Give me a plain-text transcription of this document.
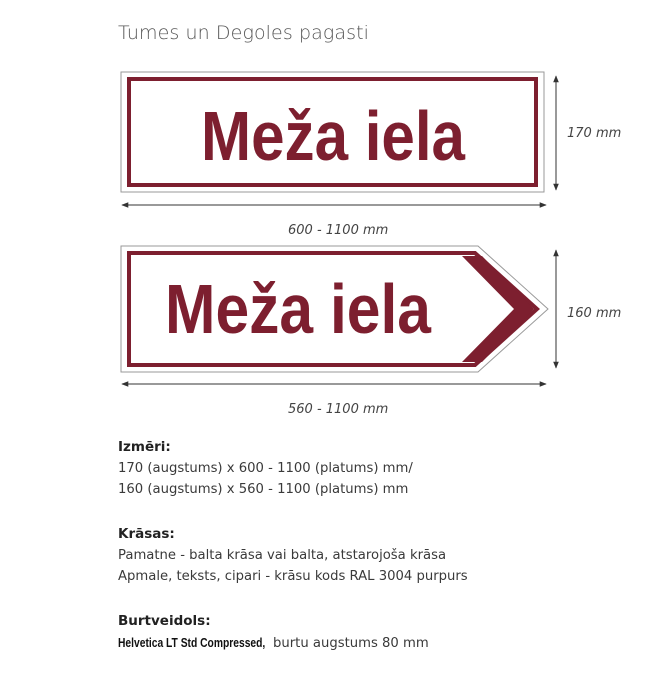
Tumes un Degoles pagasti
Meža iela
Meža iela
170 mm
600 - 1100 mm
160 mm
560 - 1100 mm
Izmēri:
170 (augstums) x 600 - 1100 (platums) mm/
160 (augstums) x 560 - 1100 (platums) mm
Krāsas:
Pamatne - balta krāsa vai balta, atstarojoša krāsa
Apmale, teksts, cipari - krāsu kods RAL 3004 purpurs
Burtveidols:
Helvetica LT Std Compressed, burtu augstums 80 mm
